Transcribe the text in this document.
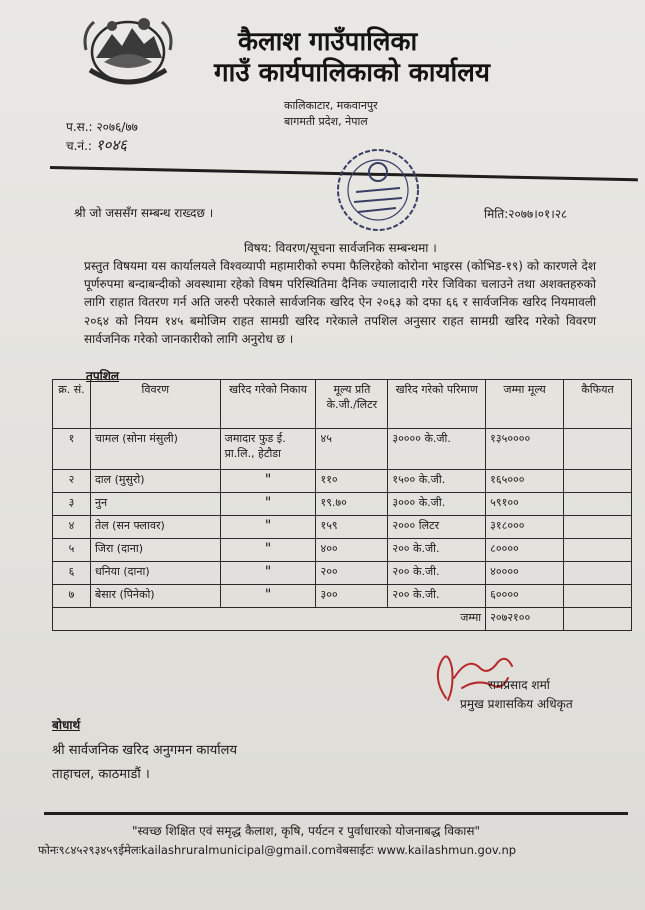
कैलाश गाउँपालिका
गाउँ कार्यपालिकाको कार्यालय
कालिकाटार, मकवानपुर
बागमती प्रदेश, नेपाल
प.स.: २०७६/७७
च.नं.: १०४६
श्री जो जससँग सम्बन्ध राख्दछ ।	मिति:२०७७।०१।२८
विषय: विवरण/सूचना सार्वजनिक सम्बन्धमा ।
प्रस्तुत विषयमा यस कार्यालयले विश्वव्यापी महामारीको रुपमा फैलिरहेको कोरोना भाइरस (कोभिड-१९) को कारणले देश पूर्णरुपमा बन्दाबन्दीको अवस्थामा रहेको विषम परिस्थितिमा दैनिक ज्यालादारी गरेर जिविका चलाउने तथा अशक्तहरुको लागि राहात वितरण गर्न अति जरुरी परेकाले सार्वजनिक खरिद ऐन २०६३ को दफा ६६ र सार्वजनिक खरिद नियमावली २०६४ को नियम १४५ बमोजिम राहत सामग्री खरिद गरेकाले तपशिल अनुसार राहत सामग्री खरिद गरेको विवरण सार्वजनिक गरेको जानकारीको लागि अनुरोध छ ।
तपशिल
क्र. सं.	विवरण	खरिद गरेको निकाय	मूल्य प्रति के.जी./लिटर	खरिद गरेको परिमाण	जम्मा मूल्य	कैफियत
१	चामल (सोना मंसुली)	जमादार फुड ई. प्रा.लि., हेटौडा	४५	३०००० के.जी.	१३५००००	
२	दाल (मुसुरो)	"	११०	१५०० के.जी.	१६५०००	
३	नुन	"	१९.७०	३००० के.जी.	५९१००	
४	तेल (सन फ्लावर)	"	१५९	२००० लिटर	३१८०००	
५	जिरा (दाना)	"	४००	२०० के.जी.	८००००	
६	धनिया (दाना)	"	२००	२०० के.जी.	४००००	
७	बेसार (पिनेको)	"	३००	२०० के.जी.	६००००	
जम्मा					२०७२१००	
रामप्रसाद शर्मा
प्रमुख प्रशासकिय अधिकृत
बोधार्थ
श्री सार्वजनिक खरिद अनुगमन कार्यालय
ताहाचल, काठमाडौं ।
"स्वच्छ शिक्षित एवं समृद्ध कैलाश, कृषि, पर्यटन र पुर्वाधारको योजनाबद्ध विकास"
फोनः९८४५२९३४५९ईमेलःkailashruralmunicipal@gmail.comवेबसाईटः www.kailashmun.gov.np
